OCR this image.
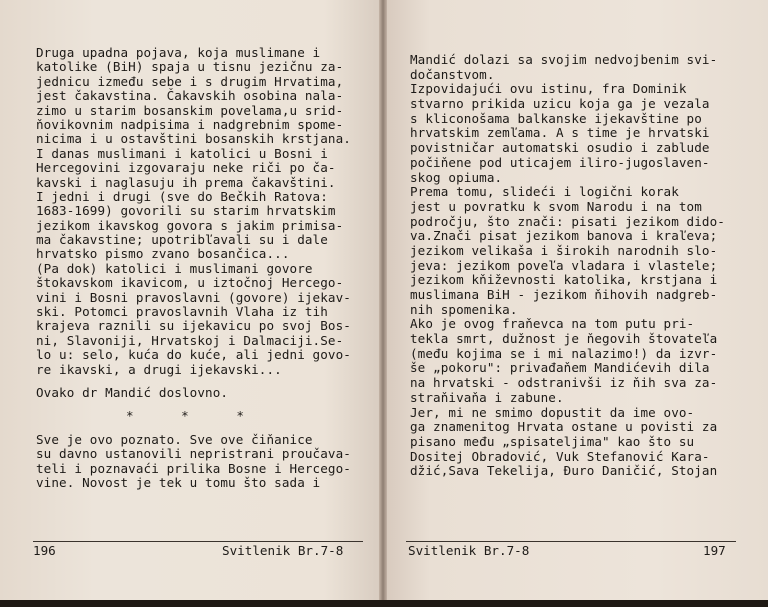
Druga upadna pojava, koja muslimane i
katolike (BiH) spaja u tisnu jezičnu za-
jednicu između sebe i s drugim Hrvatima,
jest čakavstina. Čakavskih osobina nala-
zimo u starim bosanskim povelama,u srid-
ňovikovnim nadpisima i nadgrebnim spome-
nicima i u ostavštini bosanskih krstjana.
I danas muslimani i katolici u Bosni i
Hercegovini izgovaraju neke riči po ča-
kavski i naglasuju ih prema čakavštini.
I jedni i drugi (sve do Bečkih Ratova:
1683-1699) govorili su starim hrvatskim
jezikom ikavskog govora s jakim primisa-
ma čakavstine; upotribľavali su i dale
hrvatsko pismo zvano bosančica...
(Pa dok) katolici i muslimani govore
štokavskom ikavicom, u iztočnoj Hercego-
vini i Bosni pravoslavni (govore) ijekav-
ski. Potomci pravoslavnih Vlaha iz tih
krajeva raznili su ijekavicu po svoj Bos-
ni, Slavoniji, Hrvatskoj i Dalmaciji.Se-
lo u: selo, kuća do kuće, ali jedni govo-
re ikavski, a drugi ijekavski...
Ovako dr Mandić doslovno.
* * *
Sve je ovo poznato. Sve ove čiňanice
su davno ustanovili nepristrani proučava-
teli i poznavaći prilika Bosne i Hercego-
vine. Novost je tek u tomu što sada i
196	Svitlenik Br.7-8
Mandić dolazi sa svojim nedvojbenim svi-
dočanstvom.
Izpovidajući ovu istinu, fra Dominik
stvarno prikida uzicu koja ga je vezala
s kliconošama balkanske ijekavštine po
hrvatskim zemľama. A s time je hrvatski
povistničar automatski osudio i zablude
počiňene pod uticajem iliro-jugoslaven-
skog opiuma.
Prema tomu, slideći i logični korak
jest u povratku k svom Narodu i na tom
področju, što znači: pisati jezikom dido-
va.Znači pisat jezikom banova i kraľeva;
jezikom velikaša i širokih narodnih slo-
jeva: jezikom poveľa vladara i vlastele;
jezikom kňiževnosti katolika, krstjana i
muslimana BiH - jezikom ňihovih nadgreb-
nih spomenika.
Ako je ovog fraňevca na tom putu pri-
tekla smrt, dužnost je ňegovih štovateľa
(među kojima se i mi nalazimo!) da izvr-
še „pokoru": privađaňem Mandićevih dila
na hrvatski - odstranivši iz ňih sva za-
straňivaňa i zabune.
Jer, mi ne smimo dopustit da ime ovo-
ga znamenitog Hrvata ostane u povisti za
pisano među „spisateljima" kao što su
Dositej Obradović, Vuk Stefanović Kara-
džić,Sava Tekelija, Đuro Daničić, Stojan
Svitlenik Br.7-8	197
